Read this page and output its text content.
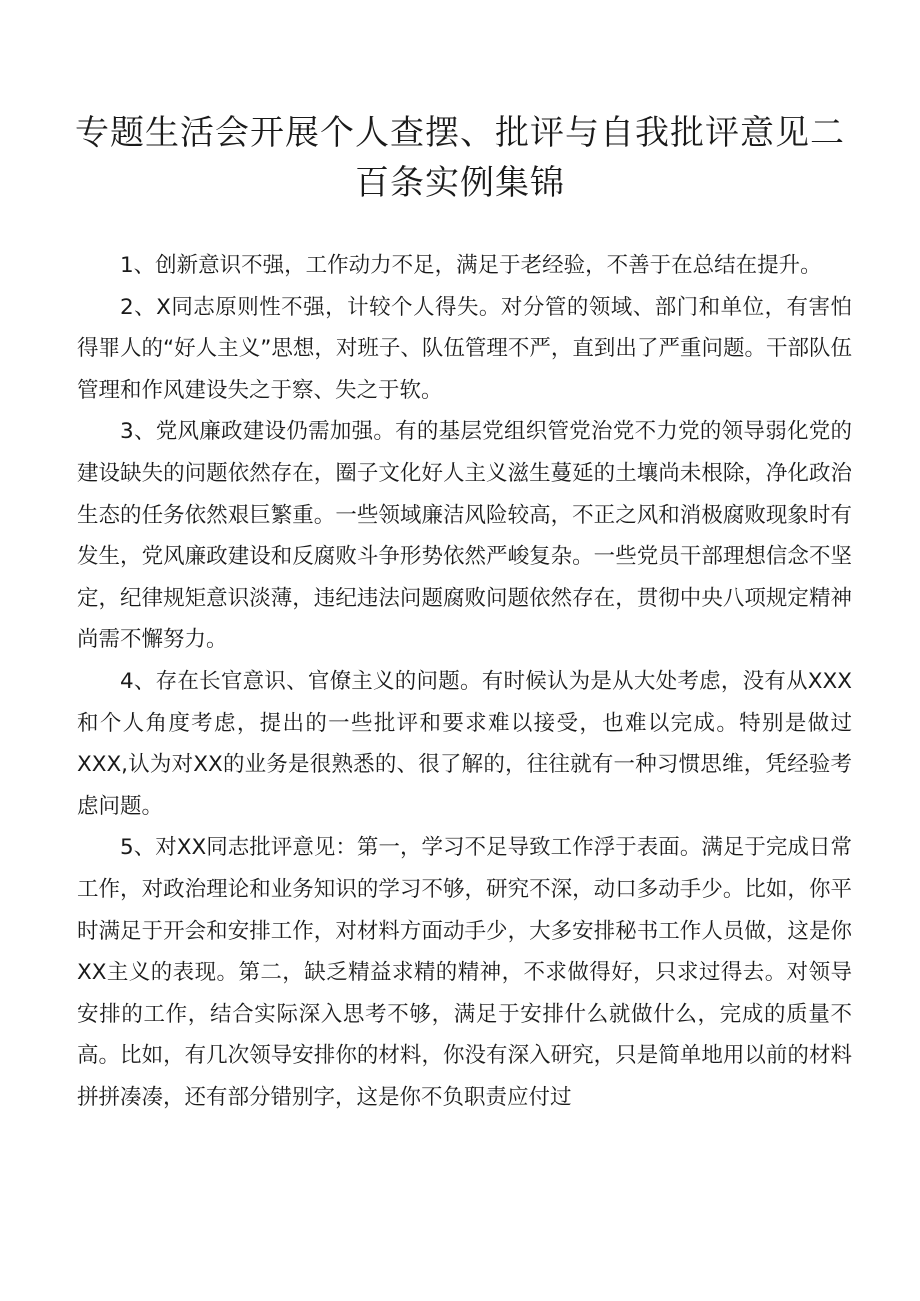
专题生活会开展个人查摆、批评与自我批评意见二
百条实例集锦

1、创新意识不强，工作动力不足，满足于老经验，不善于在总结在提升。

2、X同志原则性不强，计较个人得失。对分管的领域、部门和单位，有害怕得罪人的“好人主义”思想，对班子、队伍管理不严，直到出了严重问题。干部队伍管理和作风建设失之于察、失之于软。

3、党风廉政建设仍需加强。有的基层党组织管党治党不力党的领导弱化党的建设缺失的问题依然存在，圈子文化好人主义滋生蔓延的土壤尚未根除，净化政治生态的任务依然艰巨繁重。一些领域廉洁风险较高，不正之风和消极腐败现象时有发生，党风廉政建设和反腐败斗争形势依然严峻复杂。一些党员干部理想信念不坚定，纪律规矩意识淡薄，违纪违法问题腐败问题依然存在，贯彻中央八项规定精神尚需不懈努力。

4、存在长官意识、官僚主义的问题。有时候认为是从大处考虑，没有从XXX和个人角度考虑，提出的一些批评和要求难以接受，也难以完成。特别是做过XXX,认为对XX的业务是很熟悉的、很了解的，往往就有一种习惯思维，凭经验考虑问题。

5、对XX同志批评意见：第一，学习不足导致工作浮于表面。满足于完成日常工作，对政治理论和业务知识的学习不够，研究不深，动口多动手少。比如，你平时满足于开会和安排工作，对材料方面动手少，大多安排秘书工作人员做，这是你XX主义的表现。第二，缺乏精益求精的精神，不求做得好，只求过得去。对领导安排的工作，结合实际深入思考不够，满足于安排什么就做什么，完成的质量不高。比如，有几次领导安排你的材料，你没有深入研究，只是简单地用以前的材料拼拼凑凑，还有部分错别字，这是你不负职责应付过
